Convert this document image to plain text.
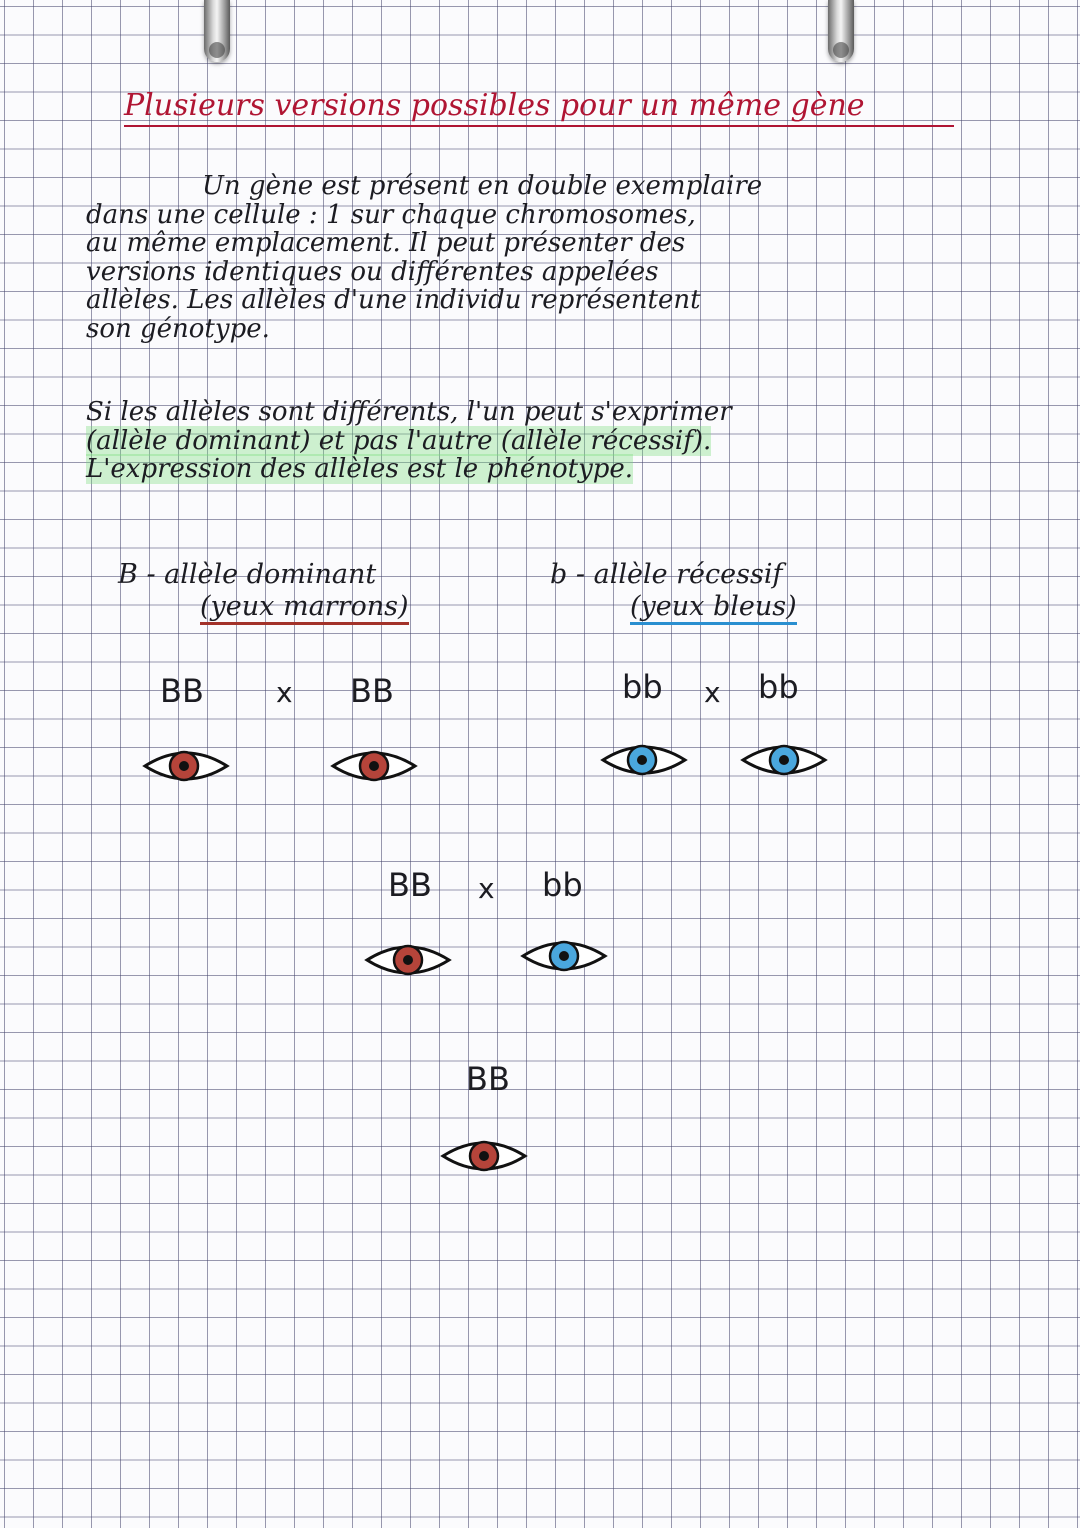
Plusieurs versions possibles pour un même gène
Un gène est présent en double exemplaire
dans une cellule : 1 sur chaque chromosomes,
au même emplacement. Il peut présenter des
versions identiques ou différentes appelées
allèles. Les allèles d'une individu représentent
son génotype.
Si les allèles sont différents, l'un peut s'exprimer
(allèle dominant) et pas l'autre (allèle récessif).
L'expression des allèles est le phénotype.
B - allèle dominant
(yeux marrons)
b - allèle récessif
(yeux bleus)
BB	x BB	bb x bb
BB x bb
BB
